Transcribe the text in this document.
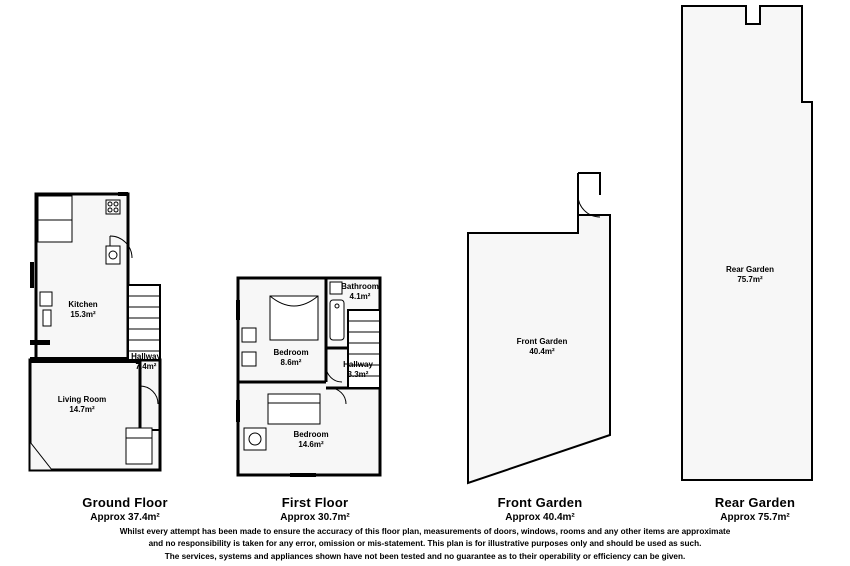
Kitchen
15.3m²
Hallway
7.4m²
Living Room
14.7m²
Ground Floor
Approx 37.4m²
Bathroom
4.1m²
Bedroom
8.6m²	Hallway
3.3m²
Bedroom
14.6m²
First Floor
Approx 30.7m²
Front Garden
40.4m²
Front Garden
Approx 40.4m²
Rear Garden
75.7m²
Rear Garden
Approx 75.7m²
Whilst every attempt has been made to ensure the accuracy of this floor plan, measurements of doors, windows, rooms and any other items are approximate
and no responsibility is taken for any error, omission or mis-statement. This plan is for illustrative purposes only and should be used as such.
The services, systems and appliances shown have not been tested and no guarantee as to their operability or efficiency can be given.
